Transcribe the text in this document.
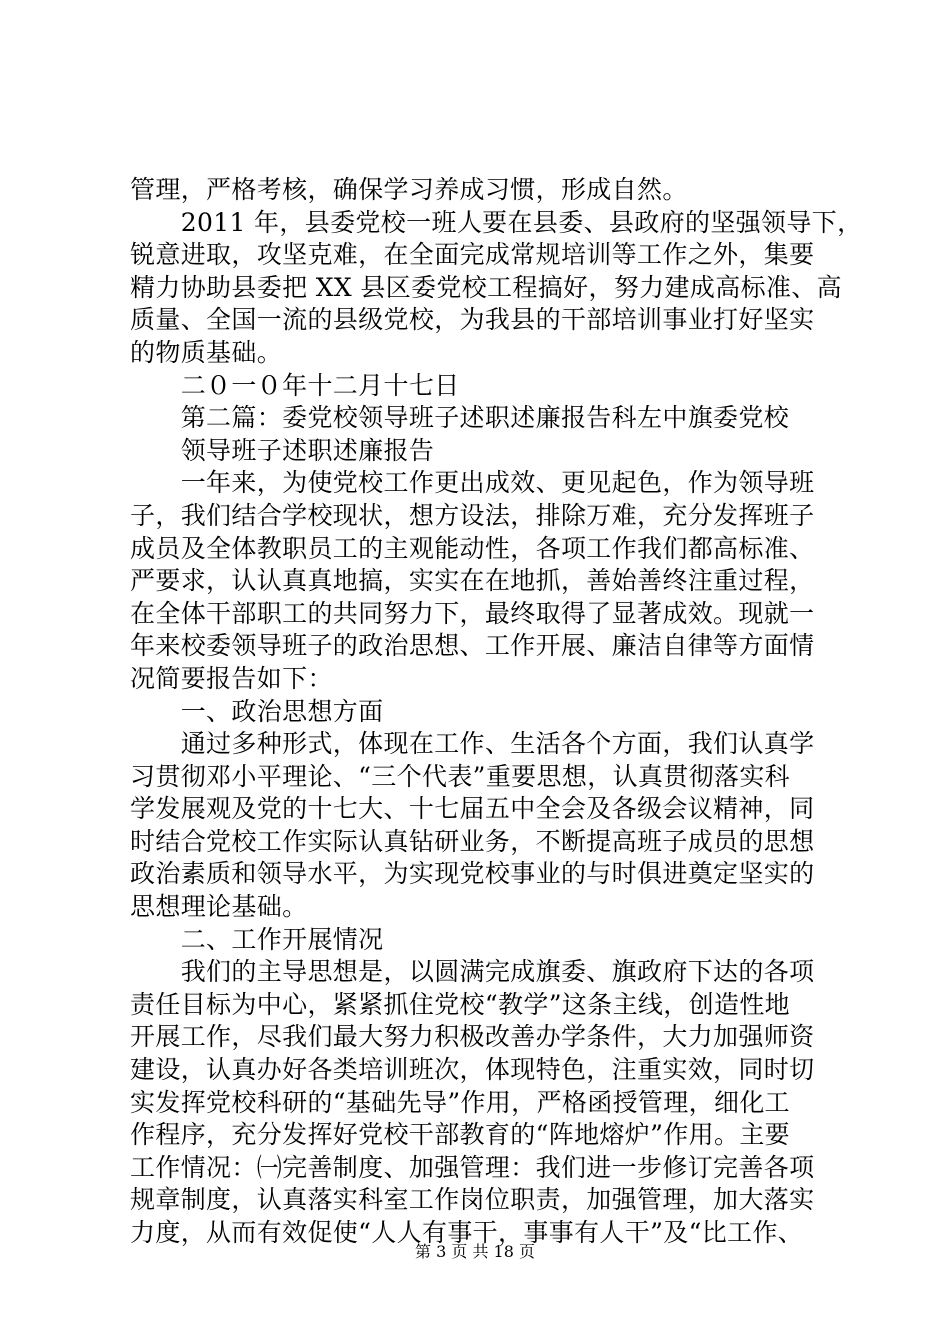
管理，严格考核，确保学习养成习惯，形成自然。
　　2011 年，县委党校一班人要在县委、县政府的坚强领导下，
锐意进取，攻坚克难，在全面完成常规培训等工作之外，集要
精力协助县委把 XX 县区委党校工程搞好，努力建成高标准、高
质量、全国一流的县级党校，为我县的干部培训事业打好坚实
的物质基础。
　　二０一０年十二月十七日
　　第二篇：委党校领导班子述职述廉报告科左中旗委党校
　　领导班子述职述廉报告
　　一年来，为使党校工作更出成效、更见起色，作为领导班
子，我们结合学校现状，想方设法，排除万难，充分发挥班子
成员及全体教职员工的主观能动性，各项工作我们都高标准、
严要求，认认真真地搞，实实在在地抓，善始善终注重过程，
在全体干部职工的共同努力下，最终取得了显著成效。现就一
年来校委领导班子的政治思想、工作开展、廉洁自律等方面情
况简要报告如下：
　　一、政治思想方面
　　通过多种形式，体现在工作、生活各个方面，我们认真学
习贯彻邓小平理论、“三个代表”重要思想，认真贯彻落实科
学发展观及党的十七大、十七届五中全会及各级会议精神，同
时结合党校工作实际认真钻研业务，不断提高班子成员的思想
政治素质和领导水平，为实现党校事业的与时俱进奠定坚实的
思想理论基础。
　　二、工作开展情况
　　我们的主导思想是，以圆满完成旗委、旗政府下达的各项
责任目标为中心，紧紧抓住党校“教学”这条主线，创造性地
开展工作，尽我们最大努力积极改善办学条件，大力加强师资
建设，认真办好各类培训班次，体现特色，注重实效，同时切
实发挥党校科研的“基础先导”作用，严格函授管理，细化工
作程序，充分发挥好党校干部教育的“阵地熔炉”作用。主要
工作情况：㈠完善制度、加强管理：我们进一步修订完善各项
规章制度，认真落实科室工作岗位职责，加强管理，加大落实
力度，从而有效促使“人人有事干，事事有人干”及“比工作、
第 3 页 共 18 页
